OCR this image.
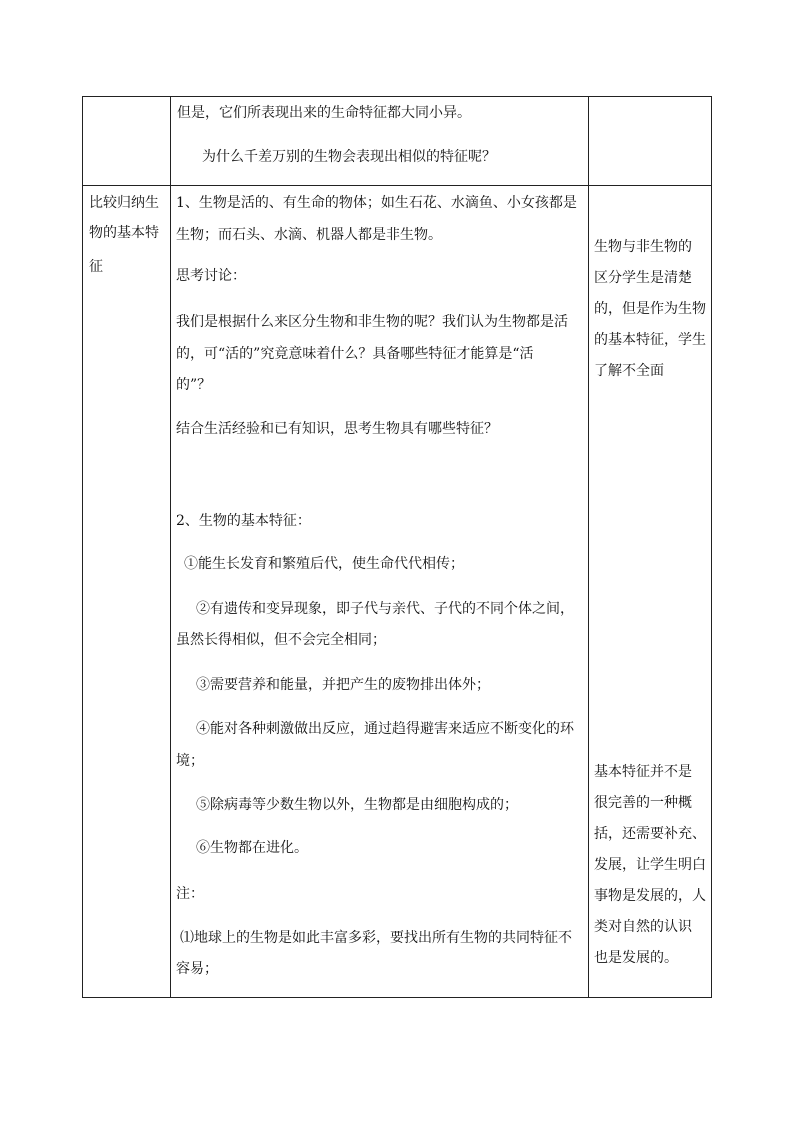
但是，它们所表现出来的生命特征都大同小异。
为什么千差万别的生物会表现出相似的特征呢？
比较归纳生
物的基本特
征
1、生物是活的、有生命的物体；如生石花、水滴鱼、小女孩都是
生物；而石头、水滴、机器人都是非生物。
思考讨论：
我们是根据什么来区分生物和非生物的呢？我们认为生物都是活
的，可“活的”究竟意味着什么？具备哪些特征才能算是“活
的”？
结合生活经验和已有知识，思考生物具有哪些特征？
2、生物的基本特征：
①能生长发育和繁殖后代，使生命代代相传；
②有遗传和变异现象，即子代与亲代、子代的不同个体之间，
虽然长得相似，但不会完全相同；
③需要营养和能量，并把产生的废物排出体外；
④能对各种刺激做出反应，通过趋得避害来适应不断变化的环
境；
⑤除病毒等少数生物以外，生物都是由细胞构成的；
⑥生物都在进化。
注：
⑴地球上的生物是如此丰富多彩，要找出所有生物的共同特征不
容易；
生物与非生物的
区分学生是清楚
的，但是作为生物
的基本特征，学生
了解不全面
基本特征并不是
很完善的一种概
括，还需要补充、
发展，让学生明白
事物是发展的，人
类对自然的认识
也是发展的。
